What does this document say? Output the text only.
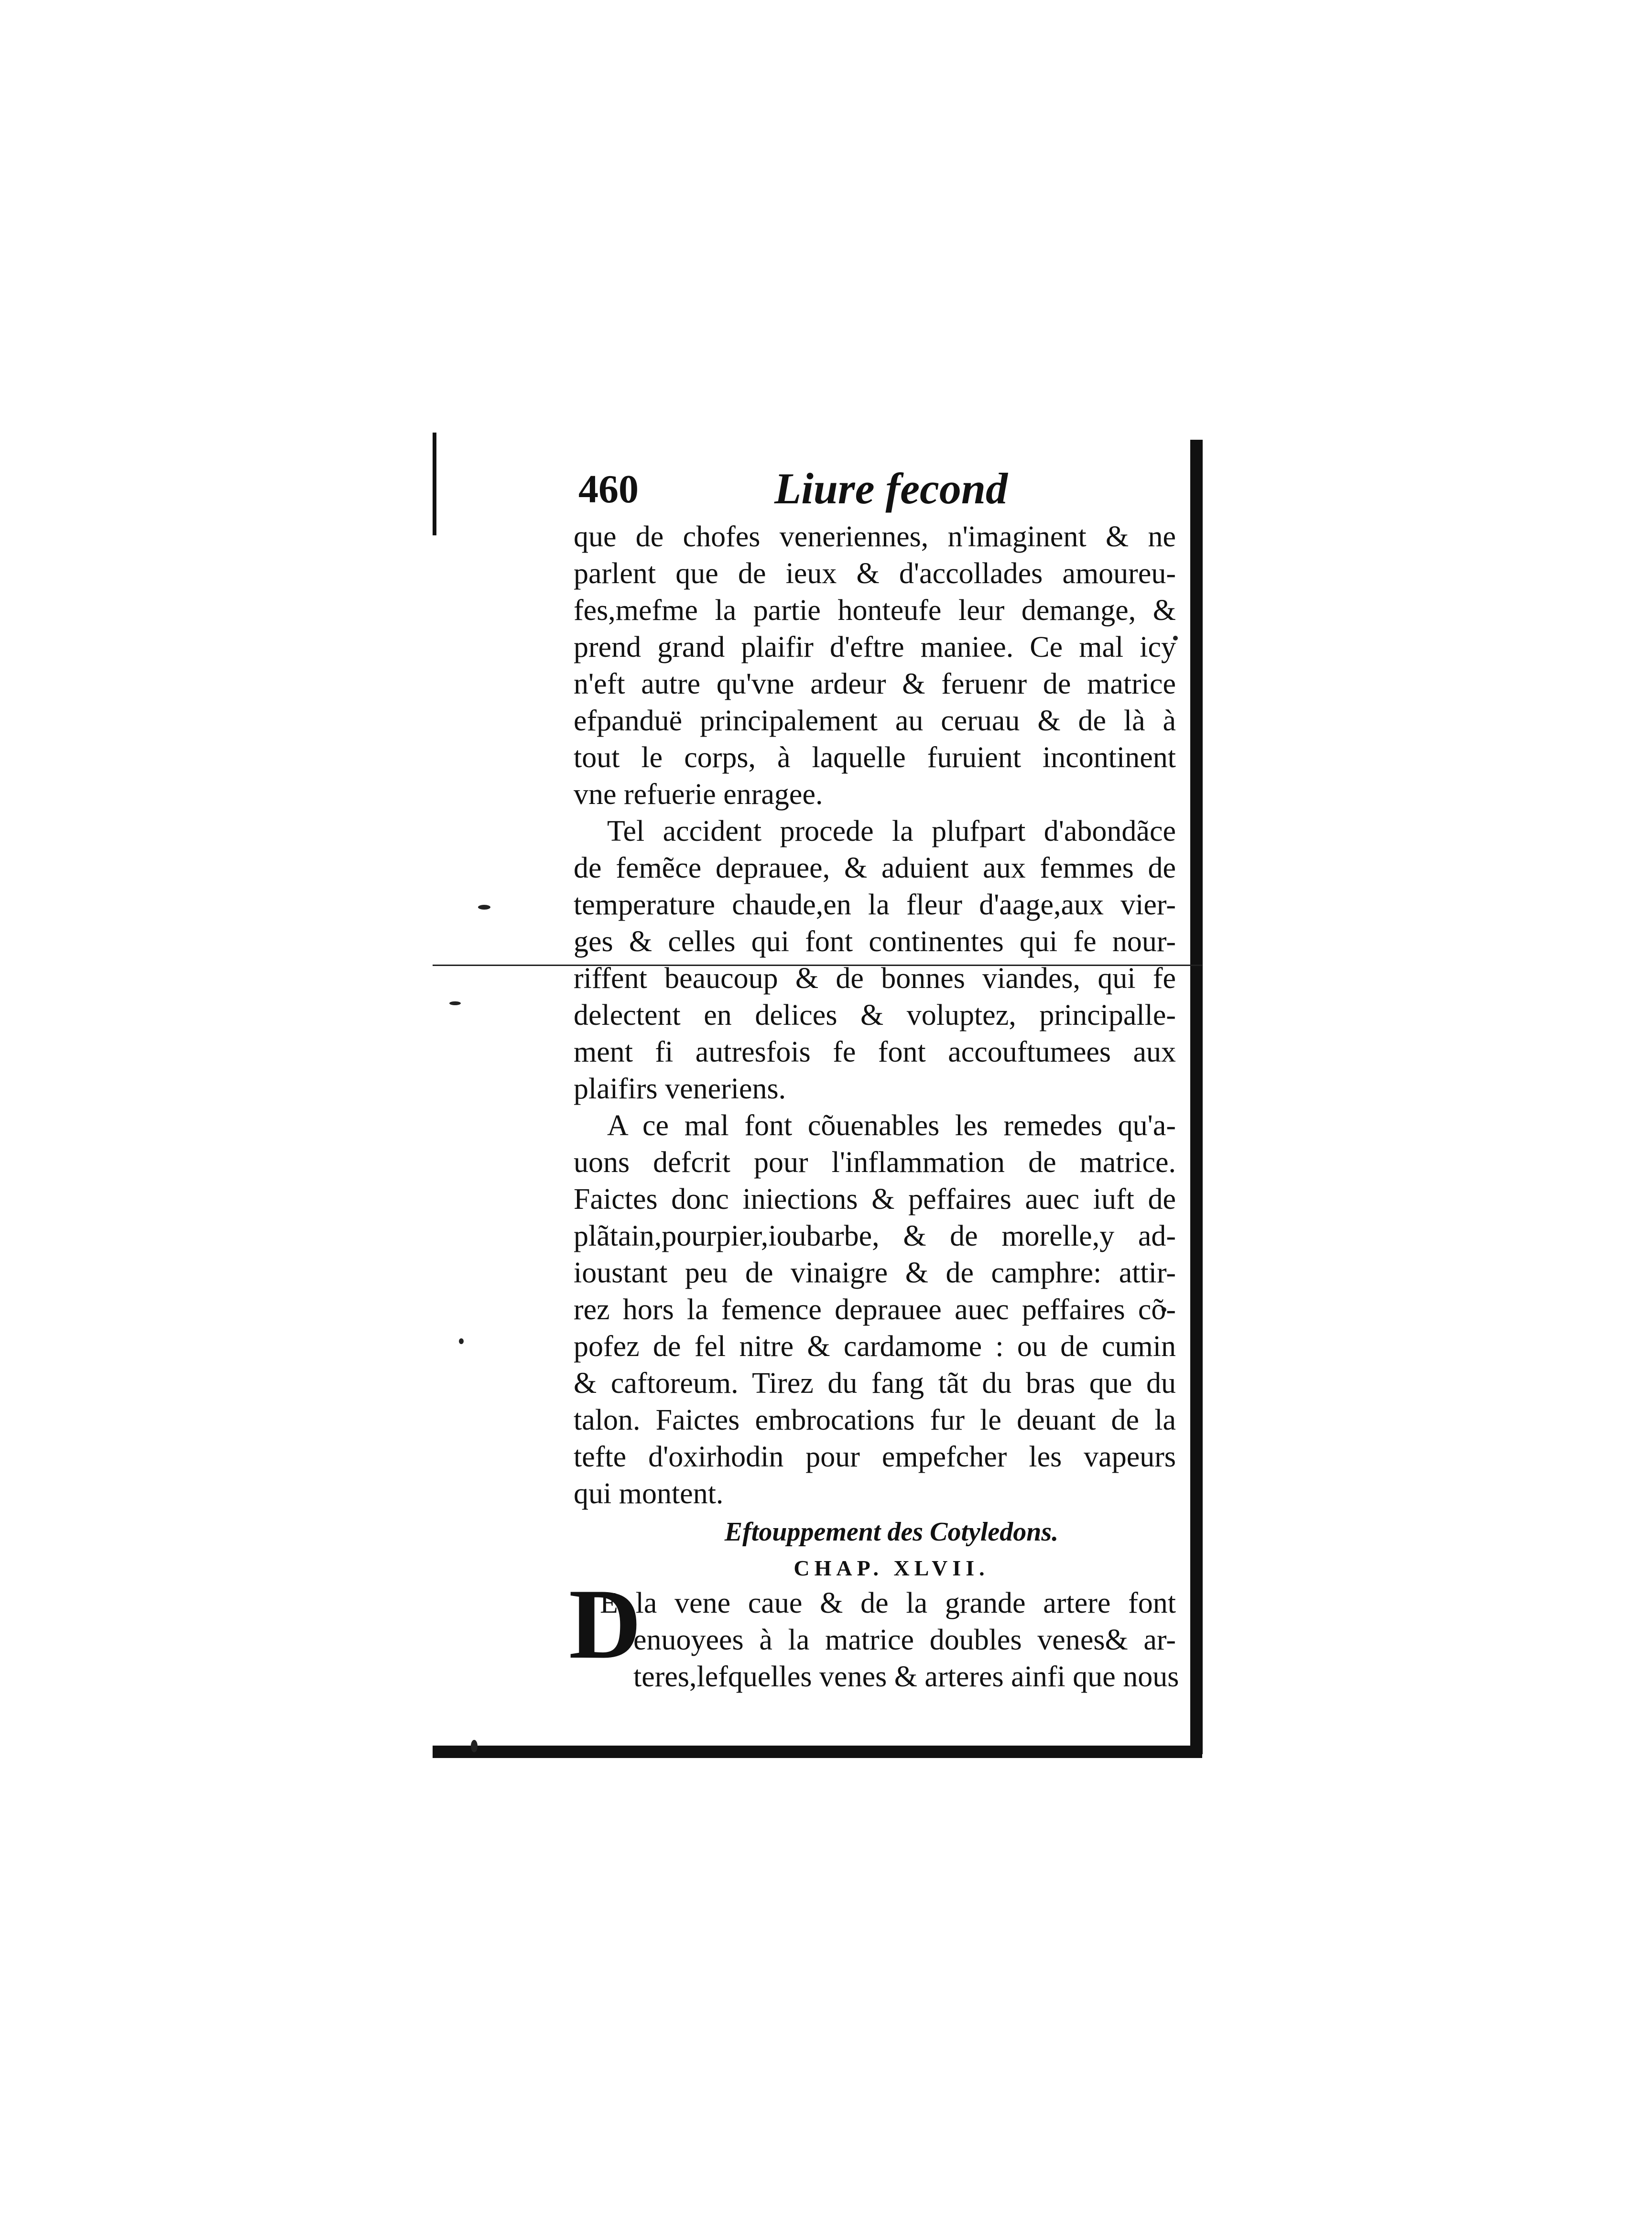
460	Liure fecond
que de chofes veneriennes, n'imaginent & ne
parlent que de ieux & d'accollades amoureu-
fes,mefme la partie honteufe leur demange, &
prend grand plaifir d'eftre maniee. Ce mal icy
n'eft autre qu'vne ardeur & feruenr de matrice
efpanduë principalement au ceruau & de là à
tout le corps, à laquelle furuient incontinent
vne refuerie enragee.
Tel accident procede la plufpart d'abondãce
de femẽce deprauee, & aduient aux femmes de
temperature chaude,en la fleur d'aage,aux vier-
ges & celles qui font continentes qui fe nour-
riffent beaucoup & de bonnes viandes, qui fe
delectent en delices & voluptez, principalle-
ment fi autresfois fe font accouftumees aux
plaifirs veneriens.
A ce mal font cõuenables les remedes qu'a-
uons defcrit pour l'inflammation de matrice.
Faictes donc iniections & peffaires auec iuft de
plãtain,pourpier,ioubarbe, & de morelle,y ad-
ioustant peu de vinaigre & de camphre: attir-
rez hors la femence deprauee auec peffaires cõ-
pofez de fel nitre & cardamome : ou de cumin
& caftoreum. Tirez du fang tãt du bras que du
talon. Faictes embrocations fur le deuant de la
tefte d'oxirhodin pour empefcher les vapeurs
qui montent.
Eftouppement des Cotyledons.
CHAP. XLVII.
D
E la vene caue & de la grande artere font
enuoyees à la matrice doubles venes& ar-
teres,lefquelles venes & arteres ainfi que nous
